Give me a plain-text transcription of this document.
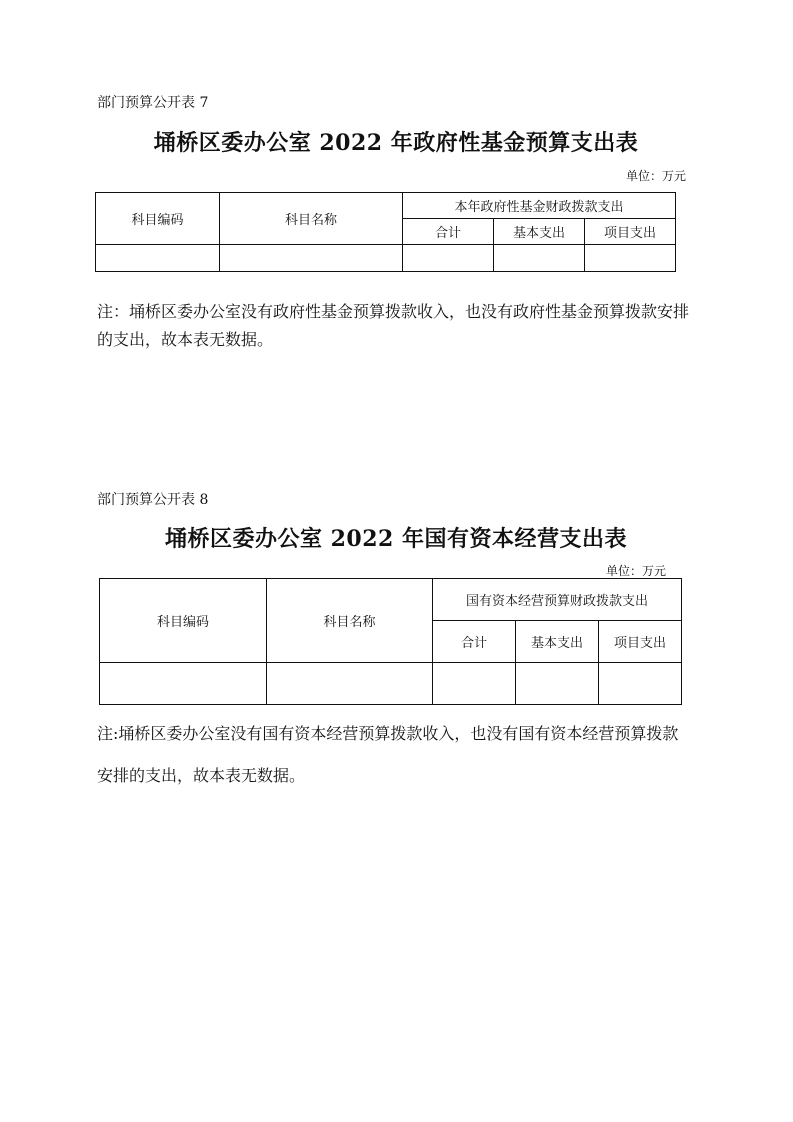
部门预算公开表 7
埇桥区委办公室 2022 年政府性基金预算支出表
单位：万元
科目编码	科目名称	本年政府性基金财政拨款支出		
		合计	基本支出	项目支出

注：埇桥区委办公室没有政府性基金预算拨款收入，也没有政府性基金预算拨款安排的支出，故本表无数据。
部门预算公开表 8
埇桥区委办公室 2022 年国有资本经营支出表
单位：万元
科目编码	科目名称	国有资本经营预算财政拨款支出		
		合计	基本支出	项目支出

注:埇桥区委办公室没有国有资本经营预算拨款收入，也没有国有资本经营预算拨款安排的支出，故本表无数据。
